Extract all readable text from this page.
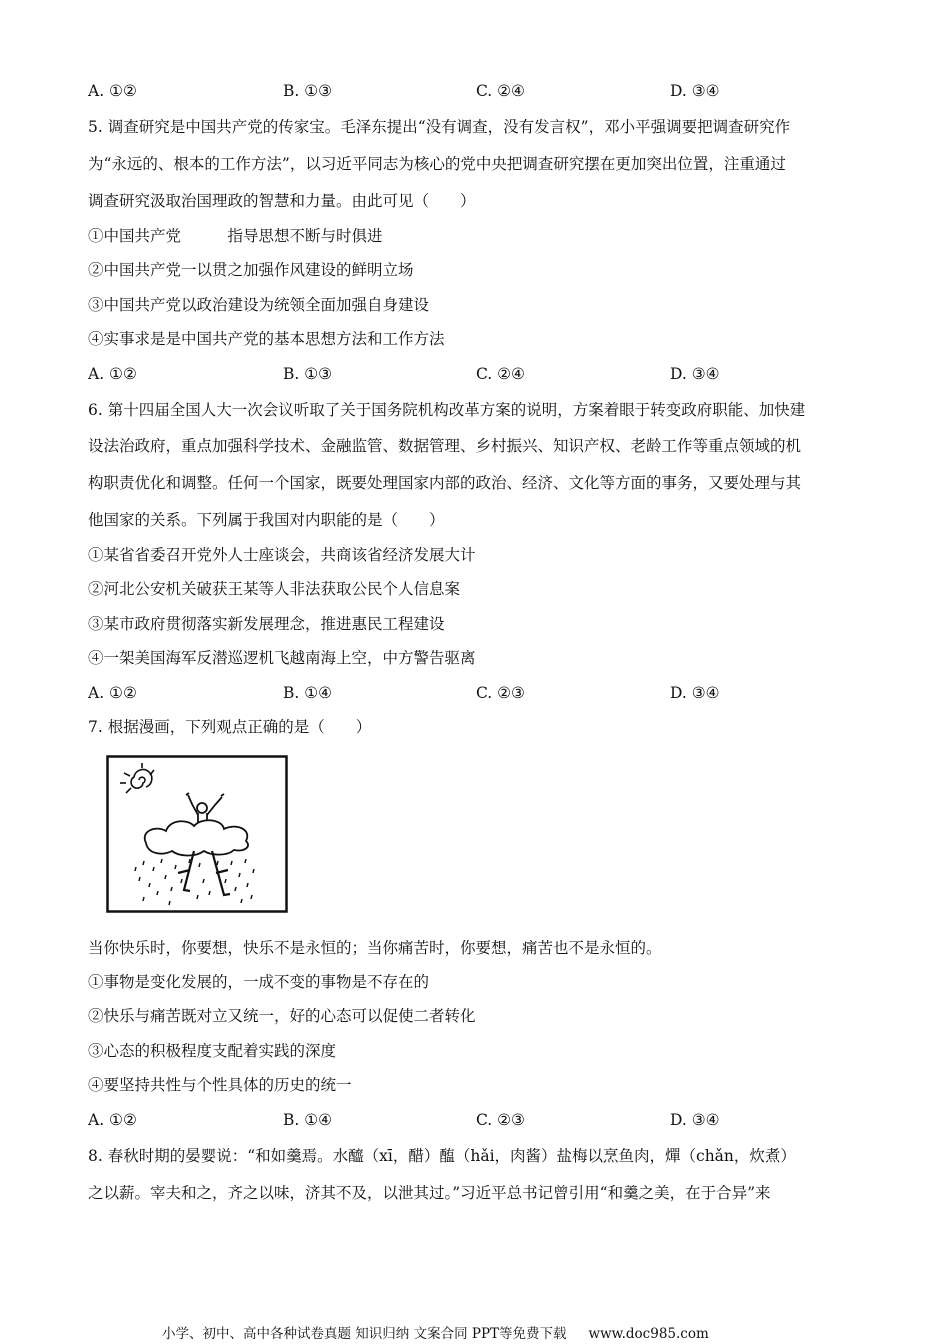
A. ①②	B. ①③	C. ②④	D. ③④
5. 调查研究是中国共产党的传家宝。毛泽东提出“没有调查，没有发言权”，邓小平强调要把调查研究作
为“永远的、根本的工作方法”，以习近平同志为核心的党中央把调查研究摆在更加突出位置，注重通过
调查研究汲取治国理政的智慧和力量。由此可见（　　）
①中国共产党　　　指导思想不断与时俱进
②中国共产党一以贯之加强作风建设的鲜明立场
③中国共产党以政治建设为统领全面加强自身建设
④实事求是是中国共产党的基本思想方法和工作方法
A. ①②	B. ①③	C. ②④	D. ③④
6. 第十四届全国人大一次会议听取了关于国务院机构改革方案的说明，方案着眼于转变政府职能、加快建
设法治政府，重点加强科学技术、金融监管、数据管理、乡村振兴、知识产权、老龄工作等重点领域的机
构职责优化和调整。任何一个国家，既要处理国家内部的政治、经济、文化等方面的事务，又要处理与其
他国家的关系。下列属于我国对内职能的是（　　）
①某省省委召开党外人士座谈会，共商该省经济发展大计
②河北公安机关破获王某等人非法获取公民个人信息案
③某市政府贯彻落实新发展理念，推进惠民工程建设
④一架美国海军反潜巡逻机飞越南海上空，中方警告驱离
A. ①②	B. ①④	C. ②③	D. ③④
7. 根据漫画，下列观点正确的是（　　）
当你快乐时，你要想，快乐不是永恒的；当你痛苦时，你要想，痛苦也不是永恒的。
①事物是变化发展的，一成不变的事物是不存在的
②快乐与痛苦既对立又统一，好的心态可以促使二者转化
③心态的积极程度支配着实践的深度
④要坚持共性与个性具体的历史的统一
A. ①②	B. ①④	C. ②③	D. ③④
8. 春秋时期的晏婴说：“和如羹焉。水醯（xī，醋）醢（hǎi，肉酱）盐梅以烹鱼肉，燀（chǎn，炊煮）
之以薪。宰夫和之，齐之以味，济其不及，以泄其过。”习近平总书记曾引用“和羹之美，在于合异”来
小学、初中、高中各种试卷真题 知识归纳 文案合同 PPT等免费下载 www.doc985.com
